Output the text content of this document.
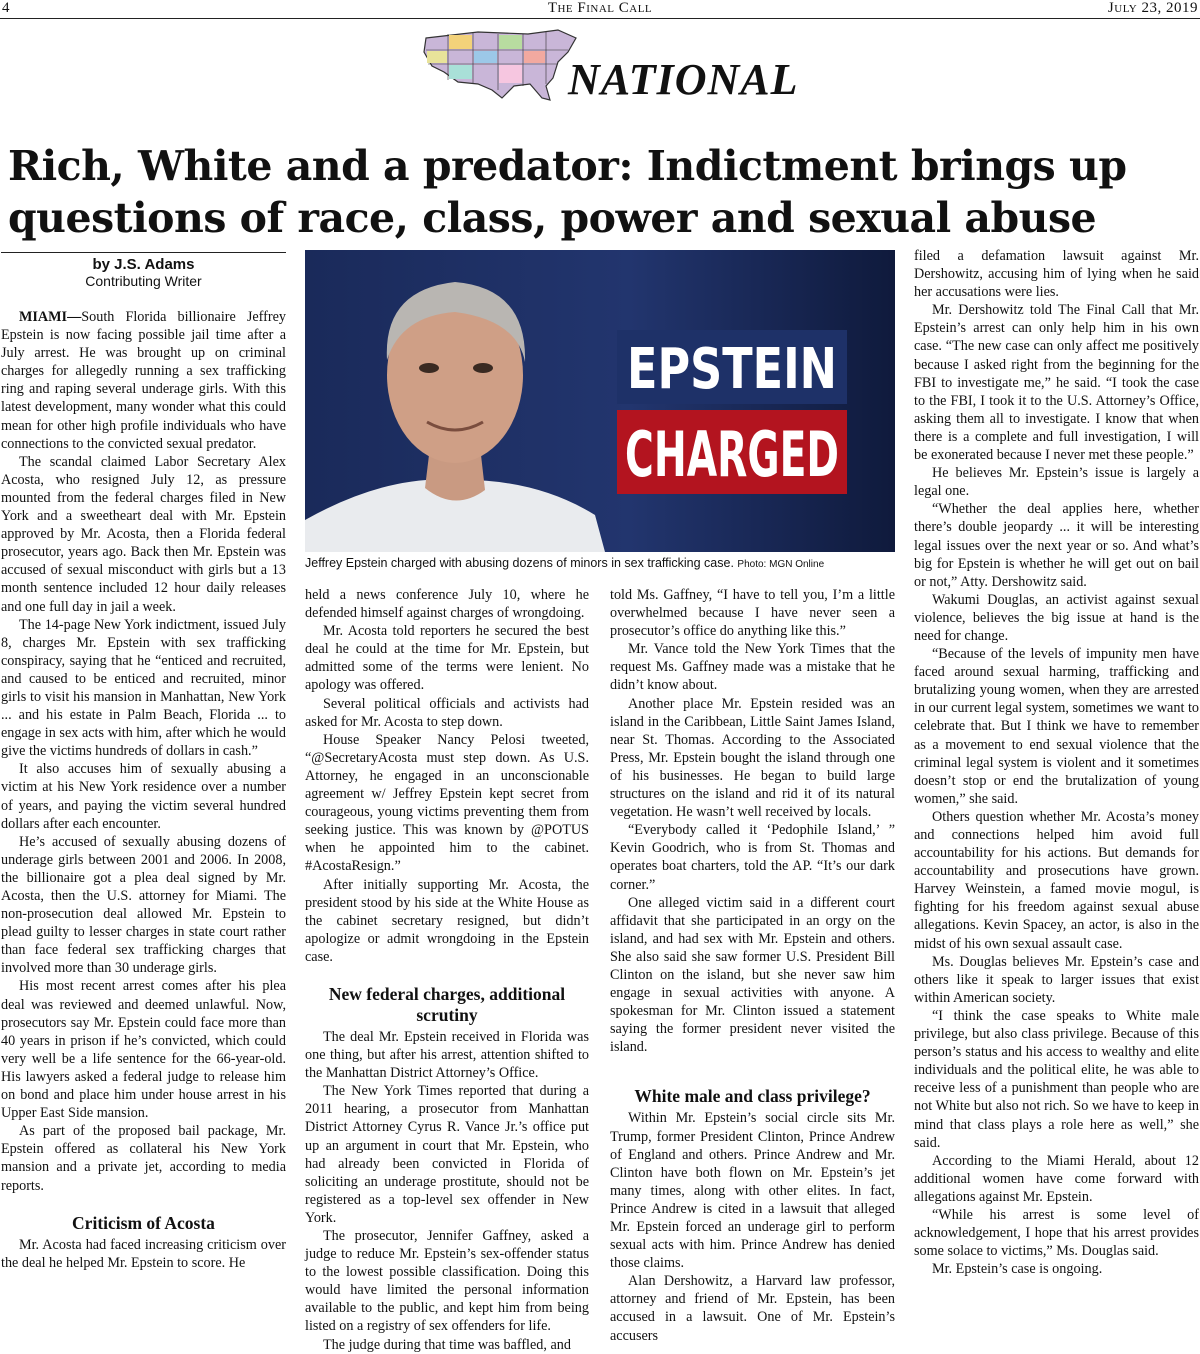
4	The Final Call	July 23, 2019
NATIONAL
Rich, White and a predator: Indictment brings up questions of race, class, power and sexual abuse
by J.S. Adams
Contributing Writer
EPSTEIN
CHARGED
Jeffrey Epstein charged with abusing dozens of minors in sex trafficking case. Photo: MGN Online

MIAMI—South Florida billionaire Jeffrey Epstein is now facing possible jail time after a July arrest. He was brought up on criminal charges for allegedly running a sex trafficking ring and raping several underage girls. With this latest development, many wonder what this could mean for other high profile individuals who have connections to the convicted sexual predator.

The scandal claimed Labor Secretary Alex Acosta, who resigned July 12, as pressure mounted from the federal charges filed in New York and a sweetheart deal with Mr. Epstein approved by Mr. Acosta, then a Florida federal prosecutor, years ago. Back then Mr. Epstein was accused of sexual misconduct with girls but a 13 month sentence included 12 hour daily releases and one full day in jail a week.

The 14-page New York indictment, issued July 8, charges Mr. Epstein with sex trafficking conspiracy, saying that he “enticed and recruited, and caused to be enticed and recruited, minor girls to visit his mansion in Manhattan, New York ... and his estate in Palm Beach, Florida ... to engage in sex acts with him, after which he would give the victims hundreds of dollars in cash.”

It also accuses him of sexually abusing a victim at his New York residence over a number of years, and paying the victim several hundred dollars after each encounter.

He’s accused of sexually abusing dozens of underage girls between 2001 and 2006. In 2008, the billionaire got a plea deal signed by Mr. Acosta, then the U.S. attorney for Miami. The non-prosecution deal allowed Mr. Epstein to plead guilty to lesser charges in state court rather than face federal sex trafficking charges that involved more than 30 underage girls.

His most recent arrest comes after his plea deal was reviewed and deemed unlawful. Now, prosecutors say Mr. Epstein could face more than 40 years in prison if he’s convicted, which could very well be a life sentence for the 66-year-old. His lawyers asked a federal judge to release him on bond and place him under house arrest in his Upper East Side mansion.

As part of the proposed bail package, Mr. Epstein offered as collateral his New York mansion and a private jet, according to media reports.

Criticism of Acosta

Mr. Acosta had faced increasing criticism over the deal he helped Mr. Epstein to score. He

held a news conference July 10, where he defended himself against charges of wrongdoing.

Mr. Acosta told reporters he secured the best deal he could at the time for Mr. Epstein, but admitted some of the terms were lenient. No apology was offered.

Several political officials and activists had asked for Mr. Acosta to step down.

House Speaker Nancy Pelosi tweeted, “@SecretaryAcosta must step down. As U.S. Attorney, he engaged in an unconscionable agreement w/ Jeffrey Epstein kept secret from courageous, young victims preventing them from seeking justice. This was known by @POTUS when he appointed him to the cabinet. #AcostaResign.”

After initially supporting Mr. Acosta, the president stood by his side at the White House as the cabinet secretary resigned, but didn’t apologize or admit wrongdoing in the Epstein case.

New federal charges, additional scrutiny

The deal Mr. Epstein received in Florida was one thing, but after his arrest, attention shifted to the Manhattan District Attorney’s Office.

The New York Times reported that during a 2011 hearing, a prosecutor from Manhattan District Attorney Cyrus R. Vance Jr.’s office put up an argument in court that Mr. Epstein, who had already been convicted in Florida of soliciting an underage prostitute, should not be registered as a top-level sex offender in New York.

The prosecutor, Jennifer Gaffney, asked a judge to reduce Mr. Epstein’s sex-offender status to the lowest possible classification. Doing this would have limited the personal information available to the public, and kept him from being listed on a registry of sex offenders for life.

The judge during that time was baffled, and

told Ms. Gaffney, “I have to tell you, I’m a little overwhelmed because I have never seen a prosecutor’s office do anything like this.”

Mr. Vance told the New York Times that the request Ms. Gaffney made was a mistake that he didn’t know about.

Another place Mr. Epstein resided was an island in the Caribbean, Little Saint James Island, near St. Thomas. According to the Associated Press, Mr. Epstein bought the island through one of his businesses. He began to build large structures on the island and rid it of its natural vegetation. He wasn’t well received by locals.

“Everybody called it ‘Pedophile Island,’ ” Kevin Goodrich, who is from St. Thomas and operates boat charters, told the AP. “It’s our dark corner.”

One alleged victim said in a different court affidavit that she participated in an orgy on the island, and had sex with Mr. Epstein and others. She also said she saw former U.S. President Bill Clinton on the island, but she never saw him engage in sexual activities with anyone. A spokesman for Mr. Clinton issued a statement saying the former president never visited the island.

White male and class privilege?

Within Mr. Epstein’s social circle sits Mr. Trump, former President Clinton, Prince Andrew of England and others. Prince Andrew and Mr. Clinton have both flown on Mr. Epstein’s jet many times, along with other elites. In fact, Prince Andrew is cited in a lawsuit that alleged Mr. Epstein forced an underage girl to perform sexual acts with him. Prince Andrew has denied those claims.

Alan Dershowitz, a Harvard law professor, attorney and friend of Mr. Epstein, has been accused in a lawsuit. One of Mr. Epstein’s accusers

filed a defamation lawsuit against Mr. Dershowitz, accusing him of lying when he said her accusations were lies.

Mr. Dershowitz told The Final Call that Mr. Epstein’s arrest can only help him in his own case. “The new case can only affect me positively because I asked right from the beginning for the FBI to investigate me,” he said. “I took the case to the FBI, I took it to the U.S. Attorney’s Office, asking them all to investigate. I know that when there is a complete and full investigation, I will be exonerated because I never met these people.”

He believes Mr. Epstein’s issue is largely a legal one.

“Whether the deal applies here, whether there’s double jeopardy ... it will be interesting legal issues over the next year or so. And what’s big for Epstein is whether he will get out on bail or not,” Atty. Dershowitz said.

Wakumi Douglas, an activist against sexual violence, believes the big issue at hand is the need for change.

“Because of the levels of impunity men have faced around sexual harming, trafficking and brutalizing young women, when they are arrested in our current legal system, sometimes we want to celebrate that. But I think we have to remember as a movement to end sexual violence that the criminal legal system is violent and it sometimes doesn’t stop or end the brutalization of young women,” she said.

Others question whether Mr. Acosta’s money and connections helped him avoid full accountability for his actions. But demands for accountability and prosecutions have grown. Harvey Weinstein, a famed movie mogul, is fighting for his freedom against sexual abuse allegations. Kevin Spacey, an actor, is also in the midst of his own sexual assault case.

Ms. Douglas believes Mr. Epstein’s case and others like it speak to larger issues that exist within American society.

“I think the case speaks to White male privilege, but also class privilege. Because of this person’s status and his access to wealthy and elite individuals and the political elite, he was able to receive less of a punishment than people who are not White but also not rich. So we have to keep in mind that class plays a role here as well,” she said.

According to the Miami Herald, about 12 additional women have come forward with allegations against Mr. Epstein.

“While his arrest is some level of acknowledgement, I hope that his arrest provides some solace to victims,” Ms. Douglas said.

Mr. Epstein’s case is ongoing.
